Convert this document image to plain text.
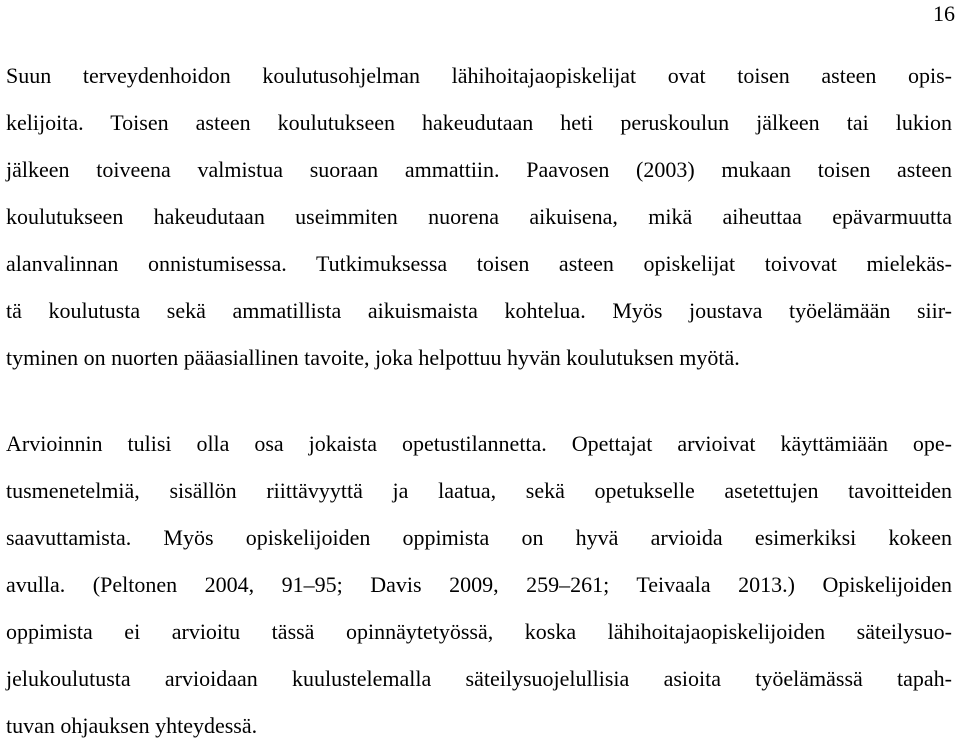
16
Suun terveydenhoidon koulutusohjelman lähihoitajaopiskelijat ovat toisen asteen opis-
kelijoita. Toisen asteen koulutukseen hakeudutaan heti peruskoulun jälkeen tai lukion
jälkeen toiveena valmistua suoraan ammattiin. Paavosen (2003) mukaan toisen asteen
koulutukseen hakeudutaan useimmiten nuorena aikuisena, mikä aiheuttaa epävarmuutta
alanvalinnan onnistumisessa. Tutkimuksessa toisen asteen opiskelijat toivovat mielekäs-
tä koulutusta sekä ammatillista aikuismaista kohtelua. Myös joustava työelämään siir-
tyminen on nuorten pääasiallinen tavoite, joka helpottuu hyvän koulutuksen myötä.
Arvioinnin tulisi olla osa jokaista opetustilannetta. Opettajat arvioivat käyttämiään ope-
tusmenetelmiä, sisällön riittävyyttä ja laatua, sekä opetukselle asetettujen tavoitteiden
saavuttamista. Myös opiskelijoiden oppimista on hyvä arvioida esimerkiksi kokeen
avulla. (Peltonen 2004, 91–95; Davis 2009, 259–261; Teivaala 2013.) Opiskelijoiden
oppimista ei arvioitu tässä opinnäytetyössä, koska lähihoitajaopiskelijoiden säteilysuo-
jelukoulutusta arvioidaan kuulustelemalla säteilysuojelullisia asioita työelämässä tapah-
tuvan ohjauksen yhteydessä.
